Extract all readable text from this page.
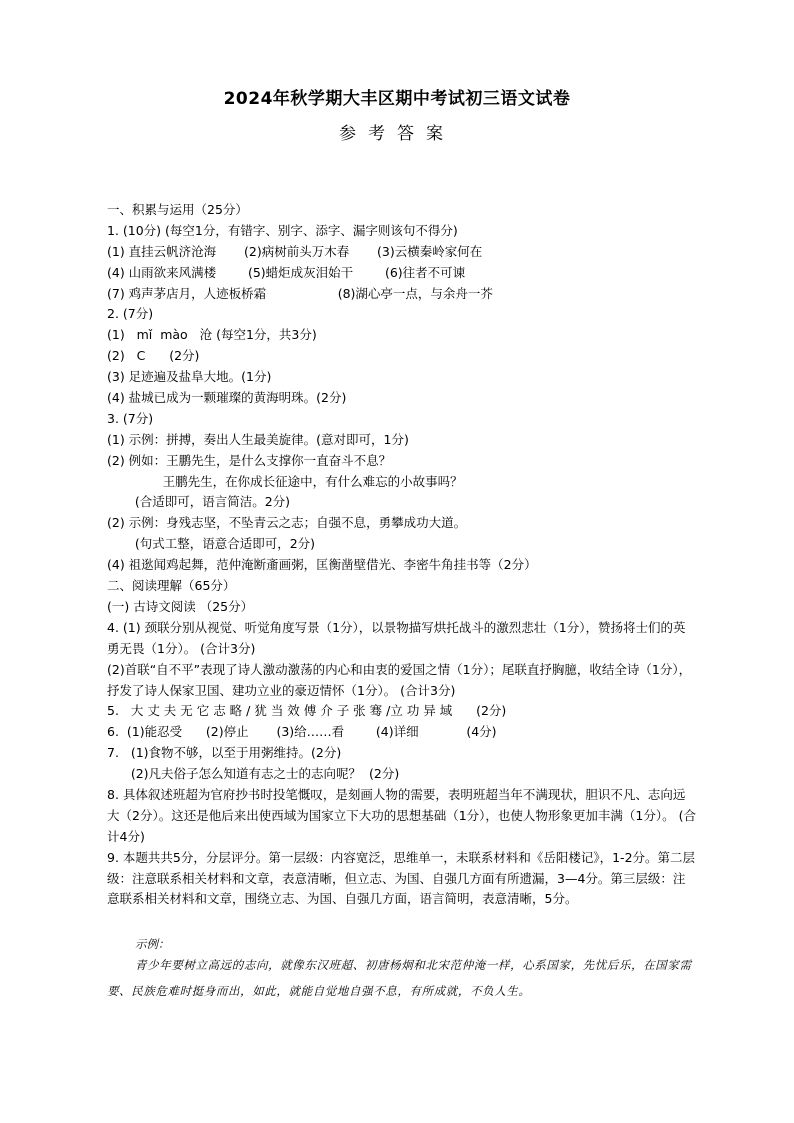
2024年秋学期大丰区期中考试初三语文试卷
参考答案
一、积累与运用（25分）
1. (10分) (每空1分，有错字、别字、添字、漏字则该句不得分)
(1) 直挂云帆济沧海       (2)病树前头万木春       (3)云横秦岭家何在
(4) 山雨欲来风满楼        (5)蜡炬成灰泪始干        (6)往者不可谏
(7) 鸡声茅店月，人迹板桥霜                  (8)湖心亭一点，与余舟一芥
2. (7分)
(1)   mǐ  mào   沧 (每空1分，共3分)
(2)   C      (2分)
(3) 足迹遍及盐阜大地。(1分)
(4) 盐城已成为一颗璀璨的黄海明珠。(2分)
3. (7分)
(1) 示例：拼搏，奏出人生最美旋律。(意对即可，1分)
(2) 例如：王鹏先生，是什么支撑你一直奋斗不息？
王鹏先生，在你成长征途中，有什么难忘的小故事吗？
(合适即可，语言简洁。2分)
(2) 示例：身残志坚，不坠青云之志；自强不息，勇攀成功大道。
(句式工整，语意合适即可，2分)
(4) 祖逖闻鸡起舞，范仲淹断齑画粥，匡衡凿壁借光、李密牛角挂书等（2分）
二、阅读理解（65分）
(一) 古诗文阅读 （25分）
4. (1) 颈联分别从视觉、听觉角度写景（1分），以景物描写烘托战斗的激烈悲壮（1分），赞扬将士们的英勇无畏（1分）。 (合计3分)
(2)首联“自不平”表现了诗人激动激荡的内心和由衷的爱国之情（1分）；尾联直抒胸臆，收结全诗（1分），抒发了诗人保家卫国、建功立业的豪迈情怀（1分）。 (合计3分)
5.   大 丈 夫 无 它 志 略 / 犹 当 效 傅 介 子 张 骞 /立 功 异 域      (2分)
6.  (1)能忍受      (2)停止       (3)给……看        (4)详细            (4分)
7.   (1)食物不够，以至于用粥维持。(2分)
(2)凡夫俗子怎么知道有志之士的志向呢？  (2分)
8. 具体叙述班超为官府抄书时投笔慨叹，是刻画人物的需要，表明班超当年不满现状，胆识不凡、志向远大（2分）。这还是他后来出使西域为国家立下大功的思想基础（1分），也使人物形象更加丰满（1分）。 (合计4分)
9. 本题共共5分，分层评分。第一层级：内容宽泛，思维单一，未联系材料和《岳阳楼记》，1-2分。第二层级：注意联系相关材料和文章，表意清晰，但立志、为国、自强几方面有所遗漏，3—4分。第三层级：注意联系相关材料和文章，围绕立志、为国、自强几方面，语言简明，表意清晰，5分。
示例：
青少年要树立高远的志向，就像东汉班超、初唐杨炯和北宋范仲淹一样，心系国家，先忧后乐，在国家需要、民族危难时挺身而出，如此，就能自觉地自强不息，有所成就，不负人生。
